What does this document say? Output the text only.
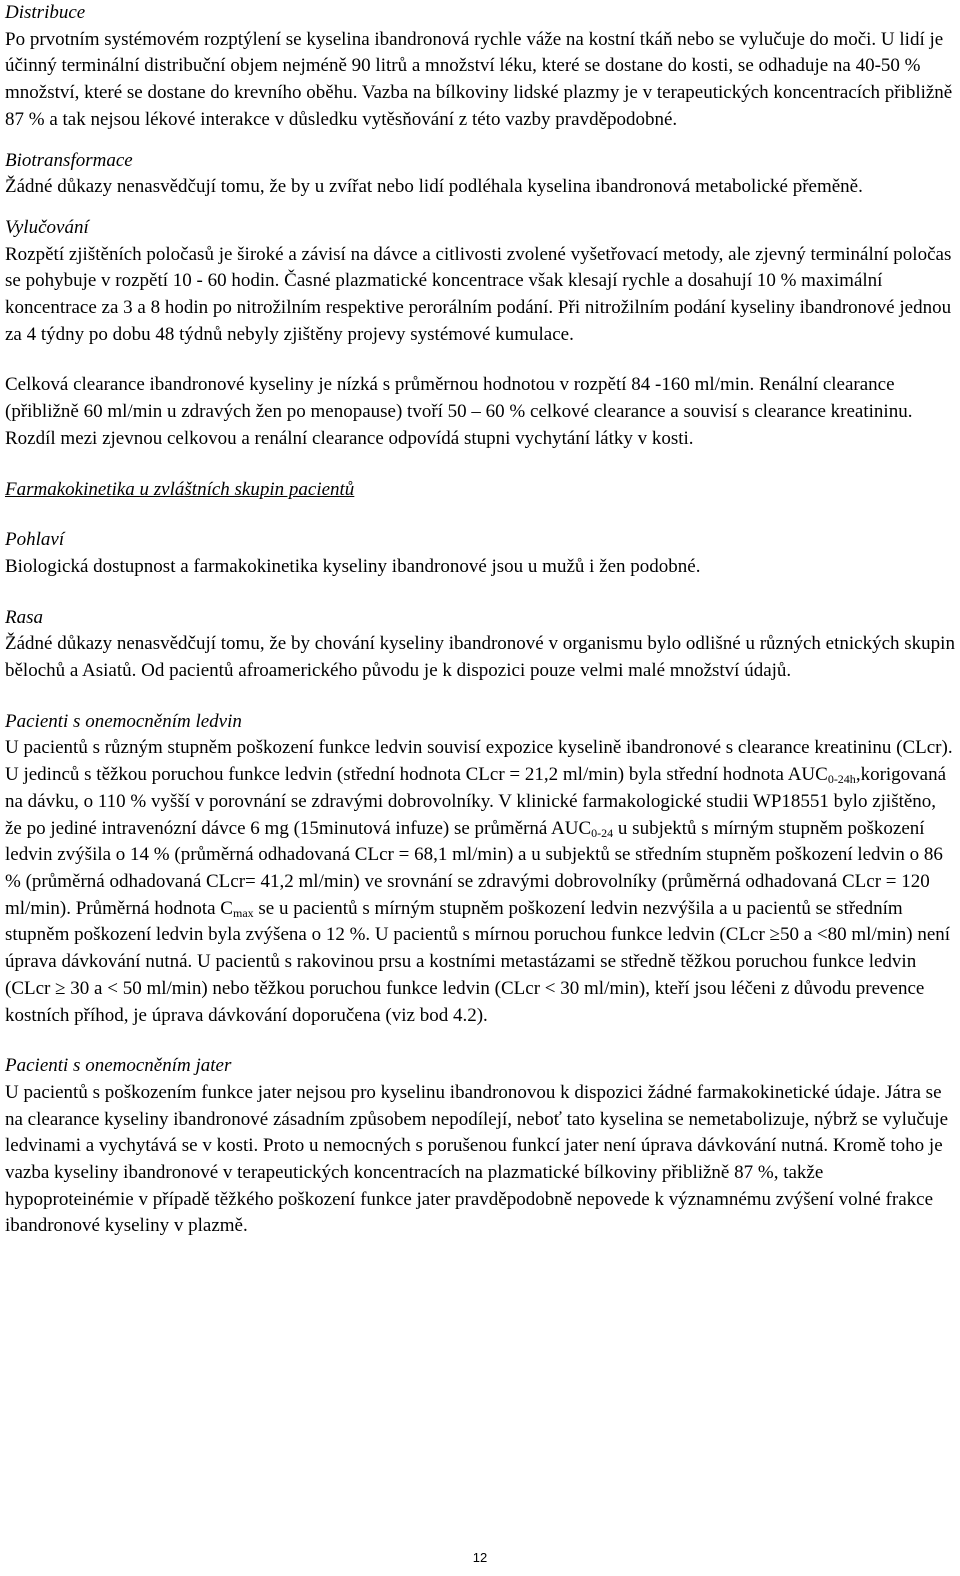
Distribuce

Po prvotním systémovém rozptýlení se kyselina ibandronová rychle váže na kostní tkáň nebo se vylučuje do moči. U lidí je účinný terminální distribuční objem nejméně 90 litrů a množství léku, které se dostane do kosti, se odhaduje na 40-50 % množství, které se dostane do krevního oběhu. Vazba na bílkoviny lidské plazmy je v terapeutických koncentracích přibližně 87 % a tak nejsou lékové interakce v důsledku vytěsňování z této vazby pravděpodobné.

Biotransformace

Žádné důkazy nenasvědčují tomu, že by u zvířat nebo lidí podléhala kyselina ibandronová metabolické přeměně.

Vylučování

Rozpětí zjištěních poločasů je široké a závisí na dávce a citlivosti zvolené vyšetřovací metody, ale zjevný terminální poločas se pohybuje v rozpětí 10 - 60 hodin. Časné plazmatické koncentrace však klesají rychle a dosahují 10 % maximální koncentrace za 3 a 8 hodin po nitrožilním respektive perorálním podání. Při nitrožilním podání kyseliny ibandronové jednou za 4 týdny po dobu 48 týdnů nebyly zjištěny projevy systémové kumulace.

Celková clearance ibandronové kyseliny je nízká s průměrnou hodnotou v rozpětí 84 -160 ml/min. Renální clearance (přibližně 60 ml/min u zdravých žen po menopause) tvoří 50 – 60 % celkové clearance a souvisí s clearance kreatininu. Rozdíl mezi zjevnou celkovou a renální clearance odpovídá stupni vychytání látky v kosti.

Farmakokinetika u zvláštních skupin pacientů

Pohlaví

Biologická dostupnost a farmakokinetika kyseliny ibandronové jsou u mužů i žen podobné.

Rasa

Žádné důkazy nenasvědčují tomu, že by chování kyseliny ibandronové v organismu bylo odlišné u různých etnických skupin bělochů a Asiatů. Od pacientů afroamerického původu je k dispozici pouze velmi malé množství údajů.

Pacienti s onemocněním ledvin

U pacientů s různým stupněm poškození funkce ledvin souvisí expozice kyselině ibandronové s clearance kreatininu (CLcr). U jedinců s těžkou poruchou funkce ledvin (střední hodnota CLcr = 21,2 ml/min) byla střední hodnota $AUC_{0-24h},korigovaná$ na dávku, o 110 % vyšší v porovnání se zdravými dobrovolníky. V klinické farmakologické studii WP18551 bylo zjištěno, že po jediné intravenózní dávce 6 mg (15minutová infuze) se průměrná $AUC_{0-24}$ u subjektů s mírným stupněm poškození ledvin zvýšila o 14 % (průměrná odhadovaná CLcr = 68,1 ml/min) a u subjektů se středním stupněm poškození ledvin o 86 % (průměrná odhadovaná CLcr= 41,2 ml/min) ve srovnání se zdravými dobrovolníky (průměrná odhadovaná CLcr = 120 ml/min). Průměrná hodnota $C_{max}$ se u pacientů s mírným stupněm poškození ledvin nezvýšila a u pacientů se středním stupněm poškození ledvin byla zvýšena o 12 %. U pacientů s mírnou poruchou funkce ledvin (CLcr ≥50 a <80 ml/min) není úprava dávkování nutná. U pacientů s rakovinou prsu a kostními metastázami se středně těžkou poruchou funkce ledvin (CLcr ≥ 30 a < 50 ml/min) nebo těžkou poruchou funkce ledvin (CLcr < 30 ml/min), kteří jsou léčeni z důvodu prevence kostních příhod, je úprava dávkování doporučena (viz bod 4.2).

Pacienti s onemocněním jater

U pacientů s poškozením funkce jater nejsou pro kyselinu ibandronovou k dispozici žádné farmakokinetické údaje. Játra se na clearance kyseliny ibandronové zásadním způsobem nepodílejí, neboť tato kyselina se nemetabolizuje, nýbrž se vylučuje ledvinami a vychytává se v kosti. Proto u nemocných s porušenou funkcí jater není úprava dávkování nutná. Kromě toho je vazba kyseliny ibandronové v terapeutických koncentracích na plazmatické bílkoviny přibližně 87 %, takže hypoproteinémie v případě těžkého poškození funkce jater pravděpodobně nepovede k významnému zvýšení volné frakce ibandronové kyseliny v plazmě.

12
